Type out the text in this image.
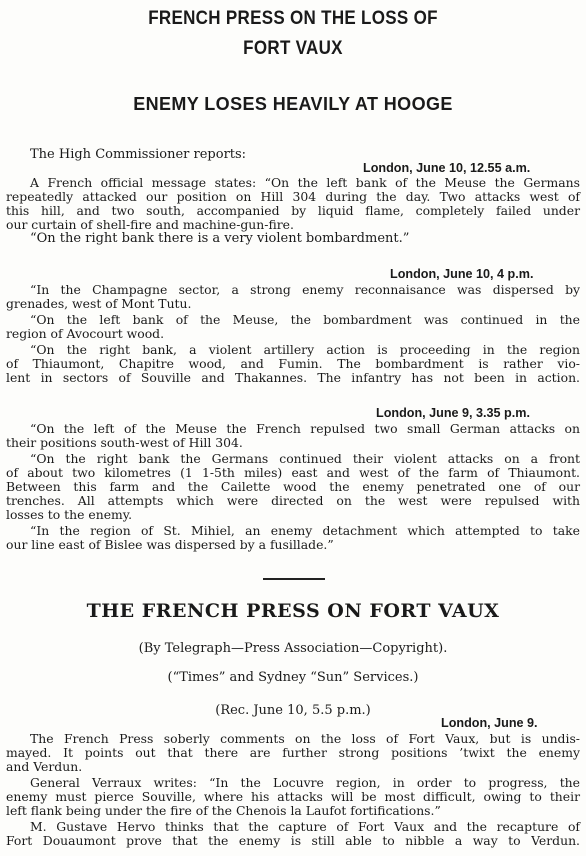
FRENCH PRESS ON THE LOSS OF
FORT VAUX
ENEMY LOSES HEAVILY AT HOOGE
The High Commissioner reports:
London, June 10, 12.55 a.m.
A French official message states: “On the left bank of the Meuse the Germans
repeatedly attacked our position on Hill 304 during the day. Two attacks west of
this hill, and two south, accompanied by liquid flame, completely failed under
our curtain of shell-fire and machine-gun-fire.
“On the right bank there is a very violent bombardment.”
London, June 10, 4 p.m.
“In the Champagne sector, a strong enemy reconnaisance was dispersed by
grenades, west of Mont Tutu.
“On the left bank of the Meuse, the bombardment was continued in the
region of Avocourt wood.
“On the right bank, a violent artillery action is proceeding in the region
of Thiaumont, Chapitre wood, and Fumin. The bombardment is rather vio-
lent in sectors of Souville and Thakannes. The infantry has not been in action.
London, June 9, 3.35 p.m.
“On the left of the Meuse the French repulsed two small German attacks on
their positions south-west of Hill 304.
“On the right bank the Germans continued their violent attacks on a front
of about two kilometres (1 1-5th miles) east and west of the farm of Thiaumont.
Between this farm and the Cailette wood the enemy penetrated one of our
trenches. All attempts which were directed on the west were repulsed with
losses to the enemy.
“In the region of St. Mihiel, an enemy detachment which attempted to take
our line east of Bislee was dispersed by a fusillade.”
THE FRENCH PRESS ON FORT VAUX
(By Telegraph—Press Association—Copyright).
(“Times” and Sydney “Sun” Services.)
(Rec. June 10, 5.5 p.m.)
London, June 9.
The French Press soberly comments on the loss of Fort Vaux, but is undis-
mayed. It points out that there are further strong positions ’twixt the enemy
and Verdun.
General Verraux writes: “In the Locuvre region, in order to progress, the
enemy must pierce Souville, where his attacks will be most difficult, owing to their
left flank being under the fire of the Chenois la Laufot fortifications.”
M. Gustave Hervo thinks that the capture of Fort Vaux and the recapture of
Fort Douaumont prove that the enemy is still able to nibble a way to Verdun.
